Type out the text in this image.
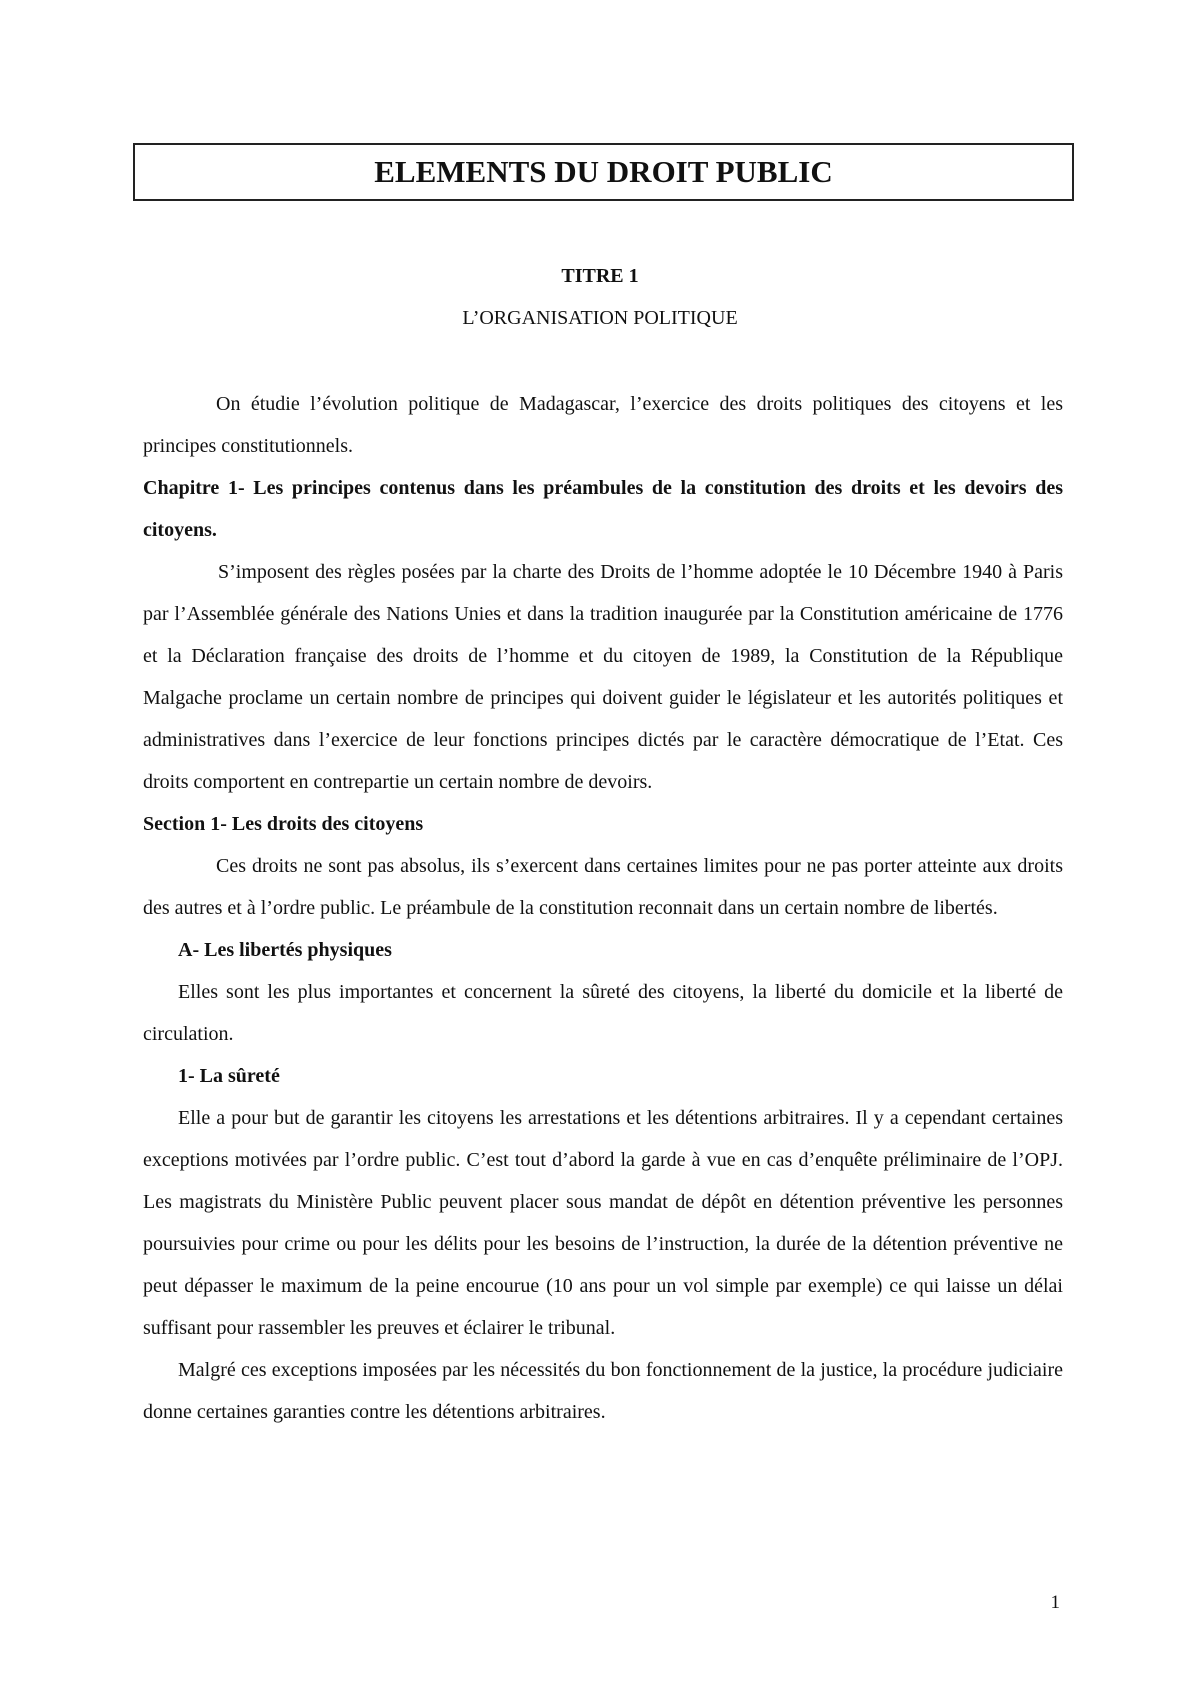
ELEMENTS DU DROIT PUBLIC
TITRE 1
L’ORGANISATION POLITIQUE

On étudie l’évolution politique de Madagascar, l’exercice des droits politiques des citoyens et les principes constitutionnels.

Chapitre 1- Les principes contenus dans les préambules de la constitution des droits et les devoirs des citoyens.

S’imposent des règles posées par la charte des Droits de l’homme adoptée le 10 Décembre 1940 à Paris par l’Assemblée générale des Nations Unies et dans la tradition inaugurée par la Constitution américaine de 1776 et la Déclaration française des droits de l’homme et du citoyen de 1989, la Constitution de la République Malgache proclame un certain nombre de principes qui doivent guider le législateur et les autorités politiques et administratives dans l’exercice de leur fonctions principes dictés par le caractère démocratique de l’Etat. Ces droits comportent en contrepartie un certain nombre de devoirs.

Section 1- Les droits des citoyens

Ces droits ne sont pas absolus, ils s’exercent dans certaines limites pour ne pas porter atteinte aux droits des autres et à l’ordre public. Le préambule de la constitution reconnait dans un certain nombre de libertés.

A- Les libertés physiques

Elles sont les plus importantes et concernent la sûreté des citoyens, la liberté du domicile et la liberté de circulation.

1- La sûreté

Elle a pour but de garantir les citoyens les arrestations et les détentions arbitraires. Il y a cependant certaines exceptions motivées par l’ordre public. C’est tout d’abord la garde à vue en cas d’enquête préliminaire de l’OPJ. Les magistrats du Ministère Public peuvent placer sous mandat de dépôt en détention préventive les personnes poursuivies pour crime ou pour les délits pour les besoins de l’instruction, la durée de la détention préventive ne peut dépasser le maximum de la peine encourue (10 ans pour un vol simple par exemple) ce qui laisse un délai suffisant pour rassembler les preuves et éclairer le tribunal.

Malgré ces exceptions imposées par les nécessités du bon fonctionnement de la justice, la procédure judiciaire donne certaines garanties contre les détentions arbitraires.

1
